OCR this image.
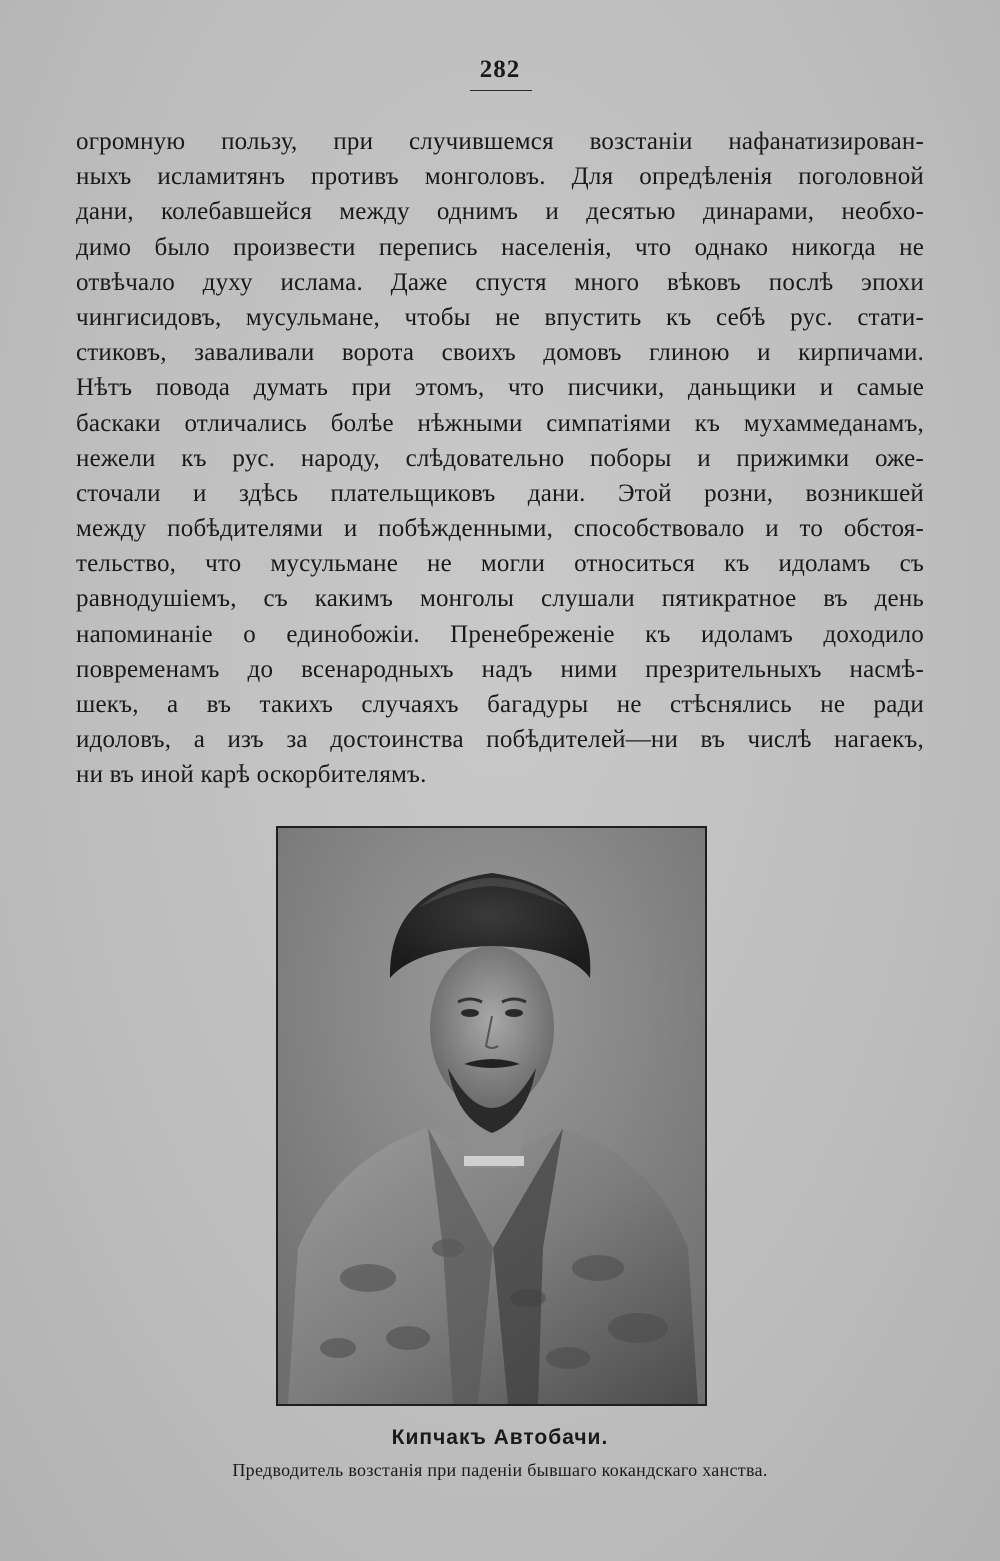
282
огромную пользу, при случившемся возстанiи нафанатизирован-
ныхъ исламитянъ противъ монголовъ. Для опредѣленiя поголовной
дани, колебавшейся между однимъ и десятью динарами, необхо-
димо было произвести перепись населенiя, что однако никогда не
отвѣчало духу ислама. Даже спустя много вѣковъ послѣ эпохи
чингисидовъ, мусульмане, чтобы не впустить къ себѣ рус. стати-
стиковъ, заваливали ворота своихъ домовъ глиною и кирпичами.
Нѣтъ повода думать при этомъ, что писчики, даньщики и самые
баскаки отличались болѣе нѣжными симпатiями къ мухаммеданамъ,
нежели къ рус. народу, слѣдовательно поборы и прижимки оже-
сточали и здѣсь плательщиковъ дани. Этой розни, возникшей
между побѣдителями и побѣжденными, способствовало и то обстоя-
тельство, что мусульмане не могли относиться къ идоламъ съ
равнодушiемъ, съ какимъ монголы слушали пятикратное въ день
напоминанiе о единобожiи. Пренебреженiе къ идоламъ доходило
повременамъ до всенародныхъ надъ ними презрительныхъ насмѣ-
шекъ, а въ такихъ случаяхъ багадуры не стѣснялись не ради
идоловъ, а изъ за достоинства побѣдителей—ни въ числѣ нагаекъ,
ни въ иной карѣ оскорбителямъ.
Кипчакъ Автобачи.
Предводитель возстанiя при паденiи бывшаго кокандскаго ханства.
